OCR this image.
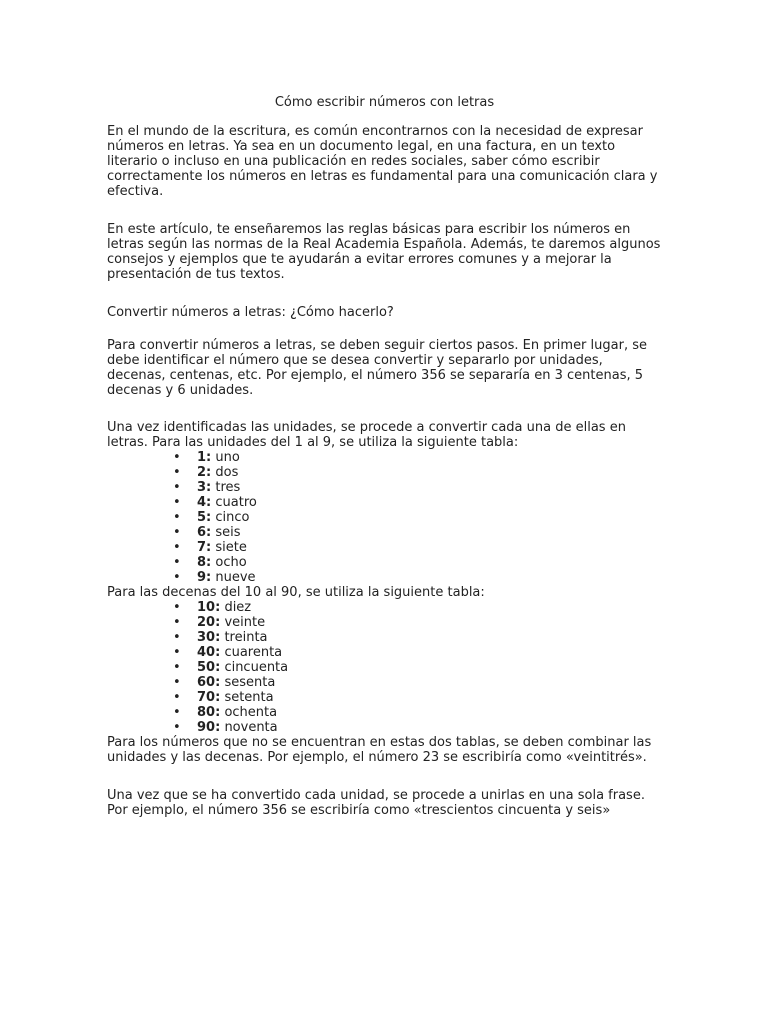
Cómo escribir números con letras

En el mundo de la escritura, es común encontrarnos con la necesidad de expresar números en letras. Ya sea en un documento legal, en una factura, en un texto literario o incluso en una publicación en redes sociales, saber cómo escribir correctamente los números en letras es fundamental para una comunicación clara y efectiva.

En este artículo, te enseñaremos las reglas básicas para escribir los números en letras según las normas de la Real Academia Española. Además, te daremos algunos consejos y ejemplos que te ayudarán a evitar errores comunes y a mejorar la presentación de tus textos.

Convertir números a letras: ¿Cómo hacerlo?

Para convertir números a letras, se deben seguir ciertos pasos. En primer lugar, se debe identificar el número que se desea convertir y separarlo por unidades, decenas, centenas, etc. Por ejemplo, el número 356 se separaría en 3 centenas, 5 decenas y 6 unidades.

Una vez identificadas las unidades, se procede a convertir cada una de ellas en letras. Para las unidades del 1 al 9, se utiliza la siguiente tabla:

• 1: uno
• 2: dos
• 3: tres
• 4: cuatro
• 5: cinco
• 6: seis
• 7: siete
• 8: ocho
• 9: nueve

Para las decenas del 10 al 90, se utiliza la siguiente tabla:

• 10: diez
• 20: veinte
• 30: treinta
• 40: cuarenta
• 50: cincuenta
• 60: sesenta
• 70: setenta
• 80: ochenta
• 90: noventa

Para los números que no se encuentran en estas dos tablas, se deben combinar las unidades y las decenas. Por ejemplo, el número 23 se escribiría como «veintitrés».

Una vez que se ha convertido cada unidad, se procede a unirlas en una sola frase. Por ejemplo, el número 356 se escribiría como «trescientos cincuenta y seis»
